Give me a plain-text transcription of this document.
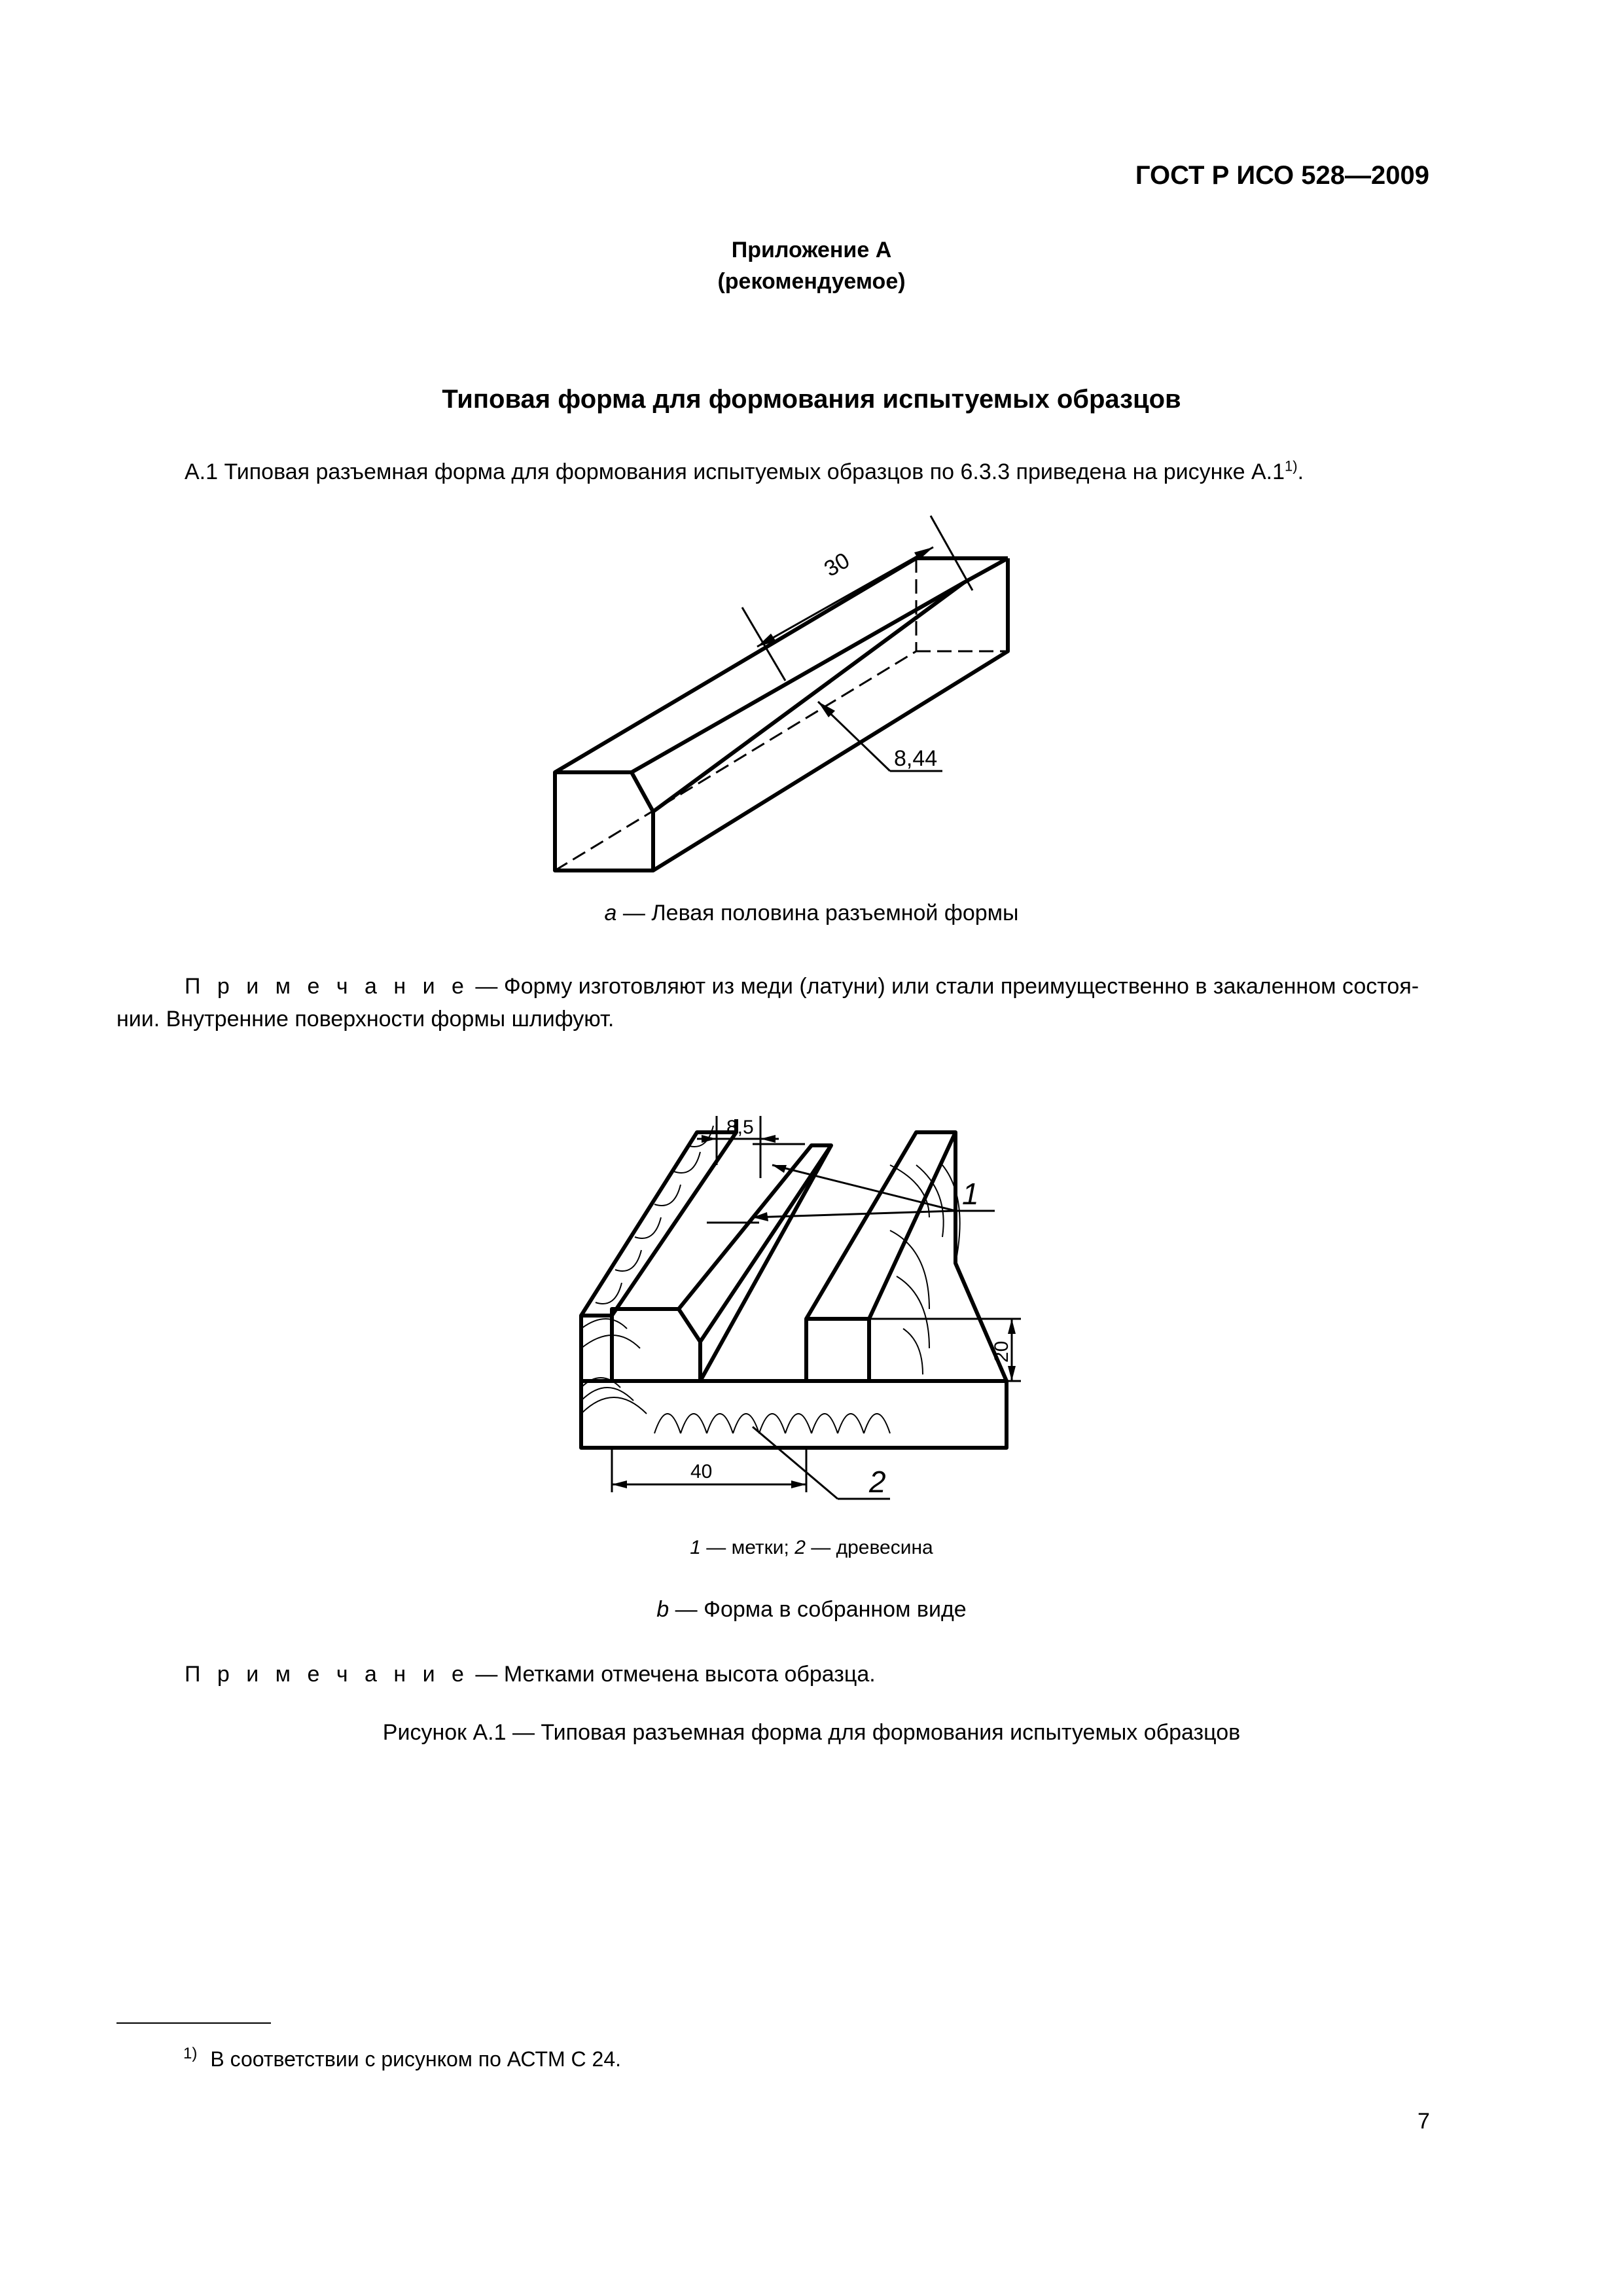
ГОСТ Р ИСО 528—2009
Приложение А
(рекомендуемое)
Типовая форма для формования испытуемых образцов
А.1 Типовая разъемная форма для формования испытуемых образцов по 6.3.3 приведена на рисунке А.1$^{1)}$.
30
8,44
a — Левая половина разъемной формы
П р и м е ч а н и е — Форму изготовляют из меди (латуни) или стали преимущественно в закаленном состоя-
нии. Внутренние поверхности формы шлифуют.
8,5
20
40
1
2
1 — метки; 2 — древесина
b — Форма в собранном виде
П р и м е ч а н и е — Метками отмечена высота образца.
Рисунок А.1 — Типовая разъемная форма для формования испытуемых образцов
$^{1)}$ В соответствии с рисунком по АСТМ С 24.
7
